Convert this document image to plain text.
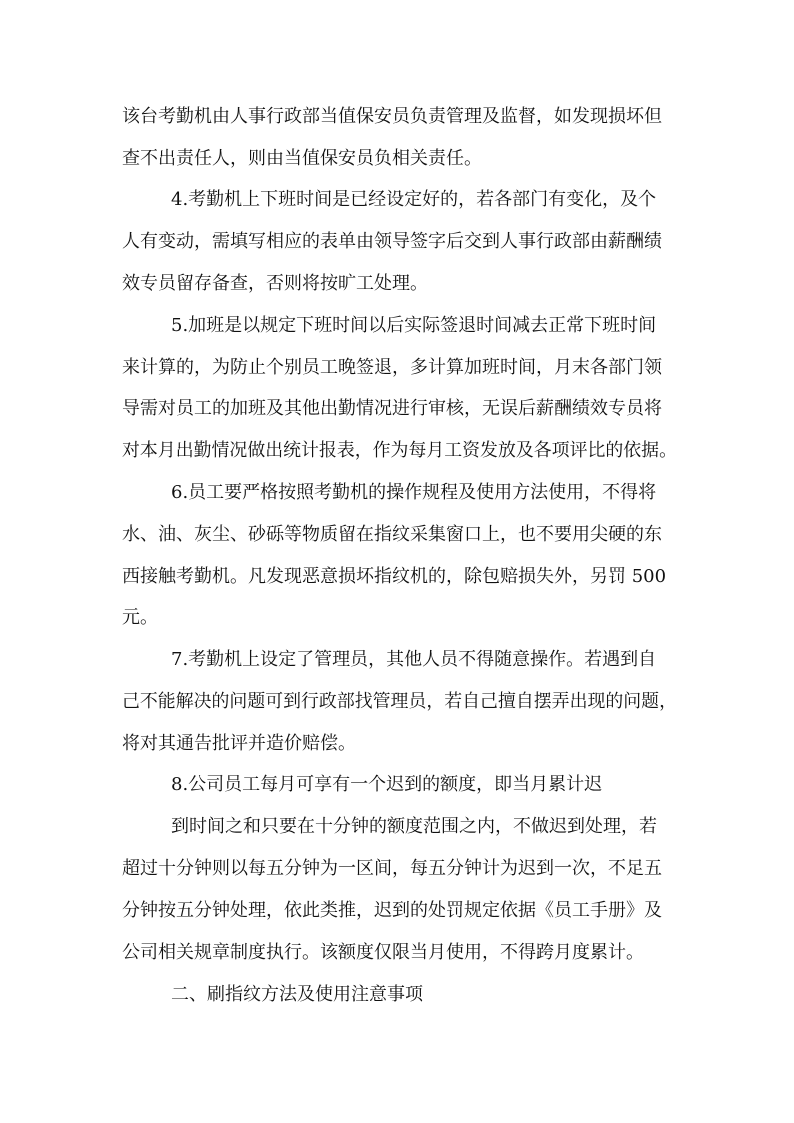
该台考勤机由人事行政部当值保安员负责管理及监督，如发现损坏但
查不出责任人，则由当值保安员负相关责任。
4.考勤机上下班时间是已经设定好的，若各部门有变化，及个
人有变动，需填写相应的表单由领导签字后交到人事行政部由薪酬绩
效专员留存备查，否则将按旷工处理。
5.加班是以规定下班时间以后实际签退时间减去正常下班时间
来计算的，为防止个别员工晚签退，多计算加班时间，月末各部门领
导需对员工的加班及其他出勤情况进行审核，无误后薪酬绩效专员将
对本月出勤情况做出统计报表，作为每月工资发放及各项评比的依据。
6.员工要严格按照考勤机的操作规程及使用方法使用，不得将
水、油、灰尘、砂砾等物质留在指纹采集窗口上，也不要用尖硬的东
西接触考勤机。凡发现恶意损坏指纹机的，除包赔损失外，另罚 500
元。
7.考勤机上设定了管理员，其他人员不得随意操作。若遇到自
己不能解决的问题可到行政部找管理员，若自己擅自摆弄出现的问题，
将对其通告批评并造价赔偿。
8.公司员工每月可享有一个迟到的额度，即当月累计迟
到时间之和只要在十分钟的额度范围之内，不做迟到处理，若
超过十分钟则以每五分钟为一区间，每五分钟计为迟到一次，不足五
分钟按五分钟处理，依此类推，迟到的处罚规定依据《员工手册》及
公司相关规章制度执行。该额度仅限当月使用，不得跨月度累计。
二、刷指纹方法及使用注意事项
